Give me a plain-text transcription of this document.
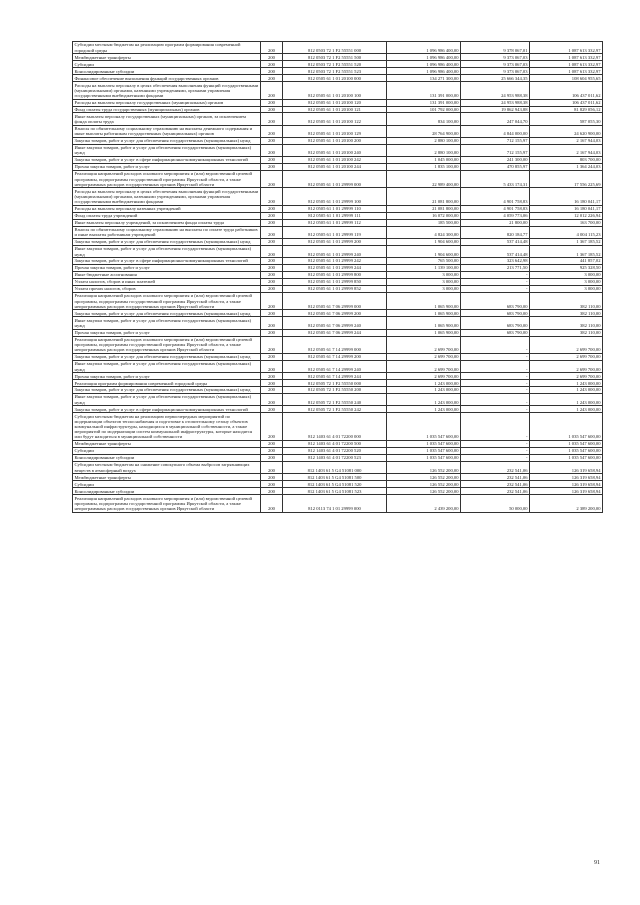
Субсидии местным бюджетам на реализацию программ формирования современной городской среды	200	812 0503 72 1 F2 55551 000	1 096 986 400,00	9 378 067,01	1 087 613 332,97
Межбюджетные трансферты	200	812 0503 72 1 F2 55551 500	1 096 986 400,00	9 373 067,03	1 087 613 332,97
Субсидии	200	812 0503 72 1 F2 55551 520	1 096 986 400,00	9 373 067,03	1 087 613 332,97
Консолидированные субсидии	200	812 0503 72 1 F2 55551 523	1 096 986 400,00	9 373 067,03	1 087 613 332,97
Финансовое обеспечение выполнения функций государственных органов	200	812 0505 61 1 01 20100 000	134 271 300,00	25 666 344,35	108 604 955,65
Расходы на выплаты персоналу в целях обеспечения выполнения функций государственными (муниципальными) органами, казенными учреждениями, органами управления государственными внебюджетными фондами	200	812 0505 61 1 01 20100 100	131 391 000,00	24 953 988,38	106 437 011,62
Расходы на выплаты персоналу государственных (муниципальных) органов	200	812 0505 61 1 01 20100 120	131 391 000,00	24 953 988,38	106 437 011,62
Фонд оплаты труда государственных (муниципальных) органов	200	812 0505 61 1 01 20100 121	101 792 000,00	19 862 943,88	81 829 056,12
Иные выплаты персоналу государственных (муниципальных) органов, за исключением фонда оплаты труда	200	812 0505 61 1 01 20100 122	834 100,00	247 044,70	587 055,30
Взносы по обязательному социальному страхованию на выплаты денежного содержания и иные выплаты работникам государственных (муниципальных) органов	200	812 0505 61 1 01 20100 129	28 764 900,00	4 844 000,00	24 620 900,00
Закупка товаров, работ и услуг для обеспечения государственных (муниципальных) нужд	200	812 0505 61 1 01 20100 200	2 880 100,00	712 155,97	2 167 944,03
Иные закупки товаров, работ и услуг для обеспечения государственных (муниципальных) нужд	200	812 0505 61 1 01 20100 240	2 880 100,00	712 155,97	2 167 944,03
Закупка товаров, работ и услуг в сфере информационно-коммуникационных технологий	200	812 0505 61 1 01 20100 242	1 045 000,00	241 300,00	803 700,00
Прочая закупка товаров, работ и услуг	200	812 0505 61 1 01 20100 244	1 835 100,00	470 855,97	1 364 244,03
Реализация направлений расходов основного мероприятия и (или) ведомственной целевой программы, подпрограммы государственной программы Иркутской области, а также непрограммных расходов государственных органов Иркутской области	200	812 0505 61 1 01 29999 000	22 989 400,00	5 433 174,31	17 556 225,69
Расходы на выплаты персоналу в целях обеспечения выполнения функций государственными (муниципальными) органами, казенными учреждениями, органами управления государственными внебюджетными фондами	200	812 0505 61 1 01 29999 100	21 081 800,00	4 901 758,83	16 180 041,17
Расходы на выплаты персоналу казенных учреждений	200	812 0505 61 1 01 29999 110	21 081 800,00	4 901 758,83	16 180 041,17
Фонд оплаты труда учреждений	200	812 0505 61 1 01 29999 111	16 072 000,00	4 059 773,06	12 012 226,94
Иные выплаты персоналу учреждений, за исключением фонда оплаты труда	200	812 0505 61 1 01 29999 112	185 500,00	21 800,00	163 700,00
Взносы по обязательному социальному страхованию на выплаты по оплате труда работников и иные выплаты работникам учреждений	200	812 0505 61 1 01 29999 119	4 824 300,00	820 184,77	4 004 115,23
Закупка товаров, работ и услуг для обеспечения государственных (муниципальных) нужд	200	812 0505 61 1 01 29999 200	1 904 600,00	537 414,48	1 367 185,52
Иные закупки товаров, работ и услуг для обеспечения государственных (муниципальных) нужд	200	812 0505 61 1 01 29999 240	1 904 600,00	537 414,48	1 367 185,52
Закупка товаров, работ и услуг в сфере информационно-коммуникационных технологий	200	812 0505 61 1 01 29999 242	765 500,00	323 642,98	441 857,02
Прочая закупка товаров, работ и услуг	200	812 0505 61 1 01 29999 244	1 139 100,00	213 771,50	925 328,50
Иные бюджетные ассигнования	200	812 0505 61 1 01 29999 800	3 000,00	-	3 000,00
Уплата налогов, сборов и иных платежей	200	812 0505 61 1 01 29999 850	3 000,00	-	3 000,00
Уплата прочих налогов, сборов	200	812 0505 61 1 01 29999 852	3 000,00	-	3 000,00
Реализация направлений расходов основного мероприятия и (или) ведомственной целевой программы, подпрограммы государственной программы Иркутской области, а также непрограммных расходов государственных органов Иркутской области	200	812 0505 61 7 06 29999 000	1 065 900,00	683 790,00	382 110,00
Закупка товаров, работ и услуг для обеспечения государственных (муниципальных) нужд	200	812 0505 61 7 06 29999 200	1 065 900,00	683 790,00	382 110,00
Иные закупки товаров, работ и услуг для обеспечения государственных (муниципальных) нужд	200	812 0505 61 7 06 29999 240	1 065 900,00	683 790,00	382 110,00
Прочая закупка товаров, работ и услуг	200	812 0505 61 7 06 29999 244	1 065 900,00	683 790,00	382 110,00
Реализация направлений расходов основного мероприятия и (или) ведомственной целевой программы, подпрограммы государственной программы Иркутской области, а также непрограммных расходов государственных органов Иркутской области	200	812 0505 61 7 14 29999 000	2 699 700,00	-	2 699 700,00
Закупка товаров, работ и услуг для обеспечения государственных (муниципальных) нужд	200	812 0505 61 7 14 29999 200	2 699 700,00	-	2 699 700,00
Иные закупки товаров, работ и услуг для обеспечения государственных (муниципальных) нужд	200	812 0505 61 7 14 29999 240	2 699 700,00	-	2 699 700,00
Прочая закупка товаров, работ и услуг	200	812 0505 61 7 14 29999 244	2 699 700,00	-	2 699 700,00
Реализация программ формирования современной городской среды	200	812 0505 72 1 F2 55550 000	1 243 000,00	-	1 243 000,00
Закупка товаров, работ и услуг для обеспечения государственных (муниципальных) нужд	200	812 0505 72 1 F2 55550 200	1 243 000,00	-	1 243 000,00
Иные закупки товаров, работ и услуг для обеспечения государственных (муниципальных) нужд	200	812 0505 72 1 F2 55550 240	1 243 000,00	-	1 243 000,00
Закупка товаров, работ и услуг в сфере информационно-коммуникационных технологий	200	812 0505 72 1 F2 55550 242	1 243 000,00	-	1 243 000,00
Субсидии местным бюджетам на реализацию первоочередных мероприятий по модернизации объектов теплоснабжения и подготовке к отопительному сезону объектов коммунальной инфраструктуры, находящихся в муниципальной собственности, а также мероприятий по модернизации систем коммунальной инфраструктуры, которые находятся или будут находиться в муниципальной собственности	200	812 1403 61 4 01 72200 000	1 035 547 600,00	-	1 035 547 600,00
Межбюджетные трансферты	200	812 1403 61 4 01 72200 500	1 035 547 600,00	-	1 035 547 600,00
Субсидии	200	812 1403 61 4 01 72200 520	1 035 547 600,00	-	1 035 547 600,00
Консолидированные субсидии	200	812 1403 61 4 01 72200 523	1 035 547 600,00	-	1 035 547 600,00
Субсидии местным бюджетам на снижение совокупного объема выбросов загрязняющих веществ в атмосферный воздух	200	812 1403 61 5 G4 51081 000	126 552 200,00	232 541,06	126 319 658,94
Межбюджетные трансферты	200	812 1403 61 5 G4 51081 500	126 552 200,00	232 541,06	126 319 658,94
Субсидии	200	812 1403 61 5 G4 51081 520	126 552 200,00	232 541,06	126 319 658,94
Консолидированные субсидии	200	812 1403 61 5 G4 51081 523	126 552 200,00	232 541,06	126 319 658,94
Реализация направлений расходов основного мероприятия и (или) ведомственной целевой программы, подпрограммы государственной программы Иркутской области, а также непрограммных расходов государственных органов Иркутской области	200	812 0113 74 1 01 29999 000	2 439 200,00	50 000,00	2 389 200,00
91
